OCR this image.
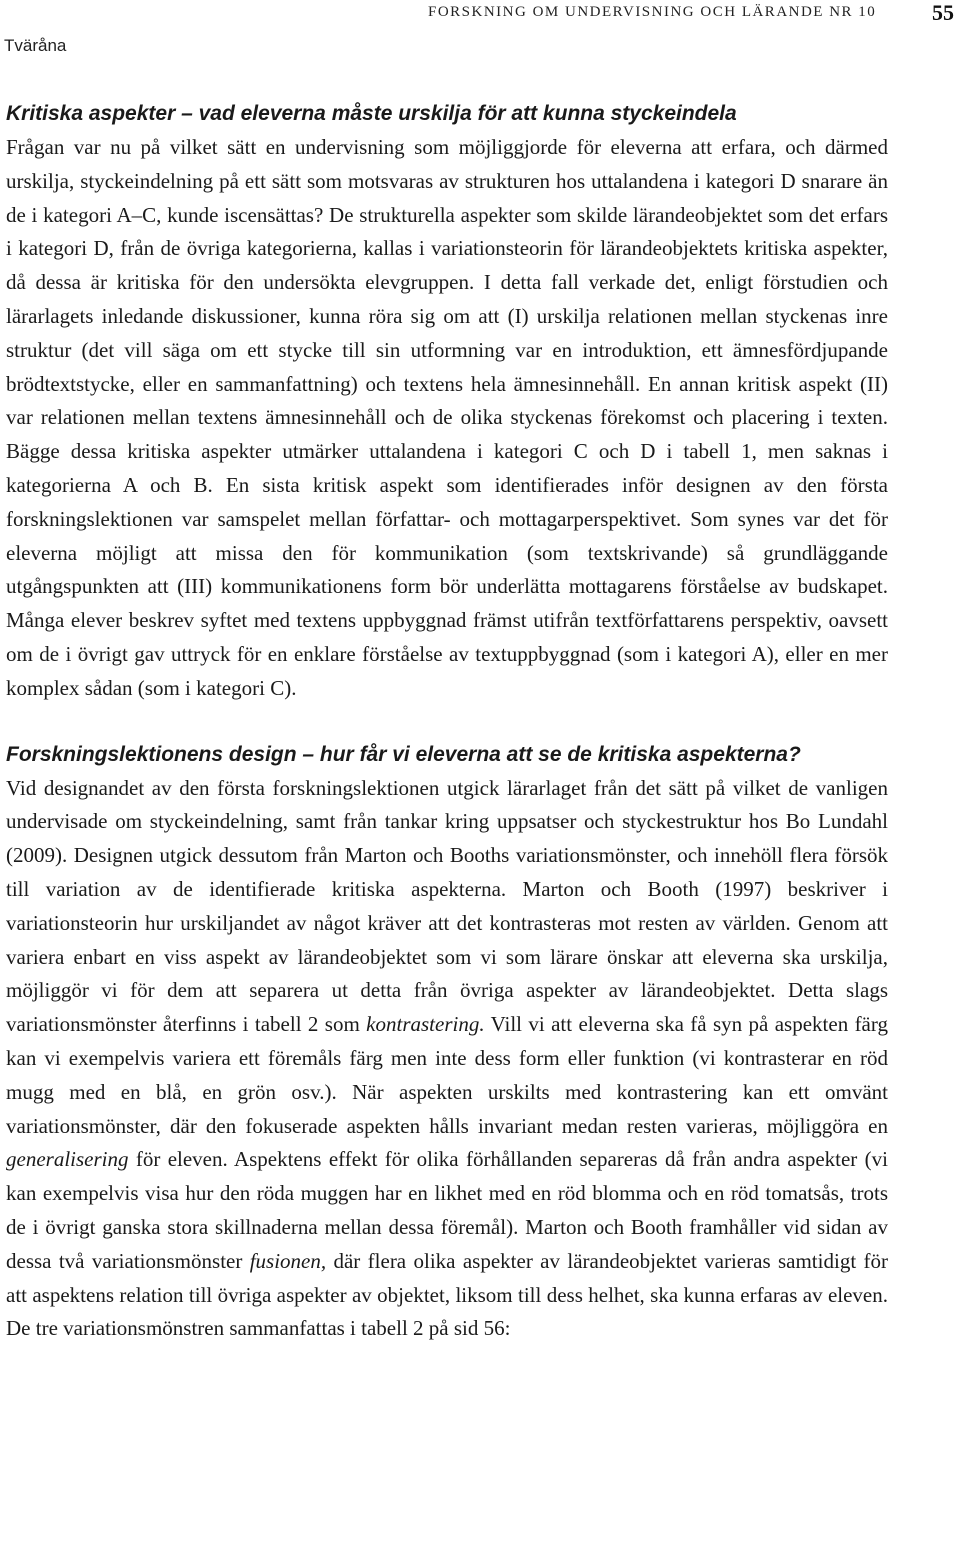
FORSKNING OM UNDERVISNING OCH LÄRANDE NR 10	55
Tväråna
Kritiska aspekter – vad eleverna måste urskilja för att kunna styckeindela

Frågan var nu på vilket sätt en undervisning som möjliggjorde för eleverna att erfara, och därmed urskilja, styckeindelning på ett sätt som motsvaras av strukturen hos uttalandena i kategori D snarare än de i kategori A–C, kunde iscensättas? De strukturella aspekter som skilde lärandeobjektet som det erfars i kategori D, från de övriga kategorierna, kallas i variationsteorin för lärandeobjektets kritiska aspekter, då dessa är kritiska för den undersökta elevgruppen. I detta fall verkade det, enligt förstudien och lärarlagets inledande diskussioner, kunna röra sig om att (I) urskilja relationen mellan styckenas inre struktur (det vill säga om ett stycke till sin utformning var en introduktion, ett ämnesfördjupande brödtextstycke, eller en sammanfattning) och textens hela ämnesinnehåll. En annan kritisk aspekt (II) var relationen mellan textens ämnesinnehåll och de olika styckenas förekomst och placering i texten. Bägge dessa kritiska aspekter utmärker uttalandena i kategori C och D i tabell 1, men saknas i kategorierna A och B. En sista kritisk aspekt som identifierades inför designen av den första forskningslektionen var samspelet mellan författar- och mottagarperspektivet. Som synes var det för eleverna möjligt att missa den för kommunikation (som textskrivande) så grundläggande utgångspunkten att (III) kommunikationens form bör underlätta mottagarens förståelse av budskapet. Många elever beskrev syftet med textens uppbyggnad främst utifrån textförfattarens perspektiv, oavsett om de i övrigt gav uttryck för en enklare förståelse av textuppbyggnad (som i kategori A), eller en mer komplex sådan (som i kategori C).

Forskningslektionens design – hur får vi eleverna att se de kritiska aspekterna?

Vid designandet av den första forskningslektionen utgick lärarlaget från det sätt på vilket de vanligen undervisade om styckeindelning, samt från tankar kring uppsatser och styckestruktur hos Bo Lundahl (2009). Designen utgick dessutom från Marton och Booths variationsmönster, och innehöll flera försök till variation av de identifierade kritiska aspekterna. Marton och Booth (1997) beskriver i variationsteorin hur urskiljandet av något kräver att det kontrasteras mot resten av världen. Genom att variera enbart en viss aspekt av lärandeobjektet som vi som lärare önskar att eleverna ska urskilja, möjliggör vi för dem att separera ut detta från övriga aspekter av lärandeobjektet. Detta slags variationsmönster återfinns i tabell 2 som kontrastering. Vill vi att eleverna ska få syn på aspekten färg kan vi exempelvis variera ett föremåls färg men inte dess form eller funktion (vi kontrasterar en röd mugg med en blå, en grön osv.). När aspekten urskilts med kontrastering kan ett omvänt variationsmönster, där den fokuserade aspekten hålls invariant medan resten varieras, möjliggöra en generalisering för eleven. Aspektens effekt för olika förhållanden separeras då från andra aspekter (vi kan exempelvis visa hur den röda muggen har en likhet med en röd blomma och en röd tomatsås, trots de i övrigt ganska stora skillnaderna mellan dessa föremål). Marton och Booth framhåller vid sidan av dessa två variationsmönster fusionen, där flera olika aspekter av lärandeobjektet varieras samtidigt för att aspektens relation till övriga aspekter av objektet, liksom till dess helhet, ska kunna erfaras av eleven. De tre variationsmönstren sammanfattas i tabell 2 på sid 56:
